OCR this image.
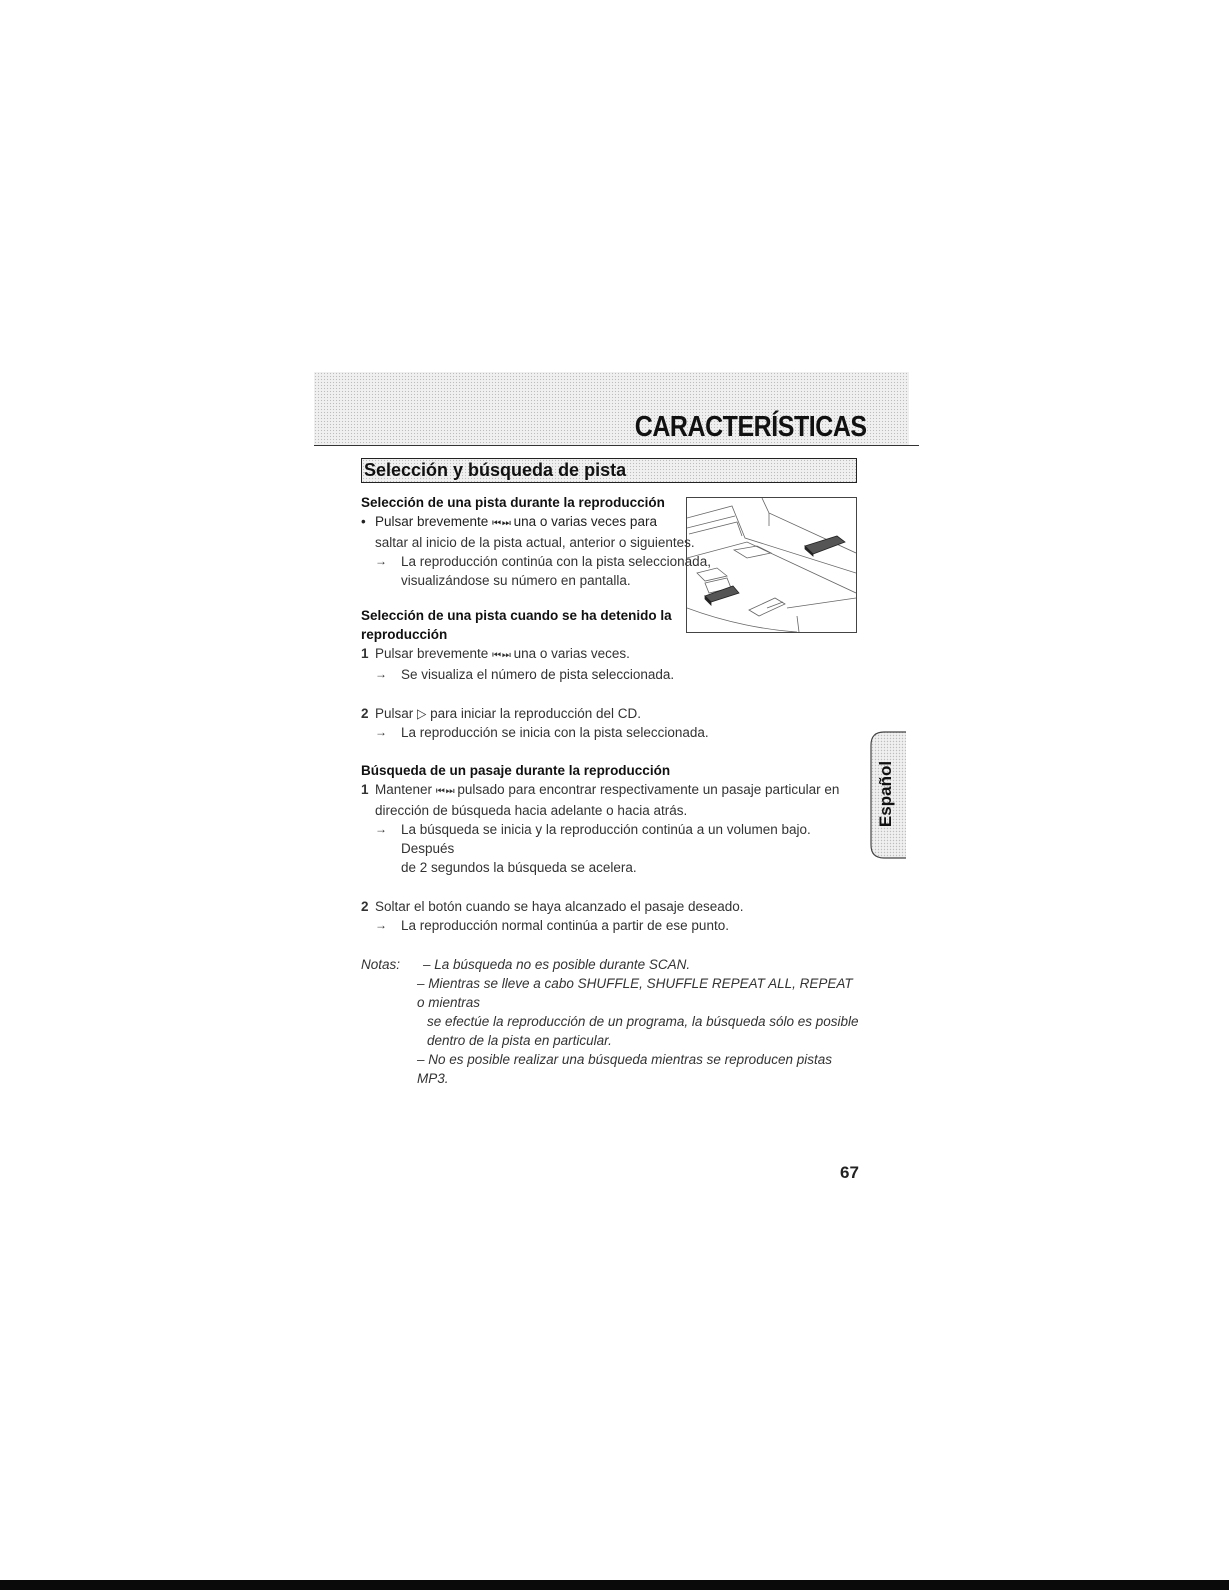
CARACTERÍSTICAS
Selección y búsqueda de pista

Selección de una pista durante la reproducción

• Pulsar brevemente ⏮ ⏭ una o varias veces para

saltar al inicio de la pista actual, anterior o siguientes.

→ La reproducción continúa con la pista seleccionada,

visualizándose su número en pantalla.

Selección de una pista cuando se ha detenido la

reproducción

1 Pulsar brevemente ⏮ ⏭ una o varias veces.
→ Se visualiza el número de pista seleccionada.
2 Pulsar ▷ para iniciar la reproducción del CD.
→ La reproducción se inicia con la pista seleccionada.

Búsqueda de un pasaje durante la reproducción

1 Mantener ⏮ ⏭ pulsado para encontrar respectivamente un pasaje particular en

dirección de búsqueda hacia adelante o hacia atrás.

→ La búsqueda se inicia y la reproducción continúa a un volumen bajo. Después

de 2 segundos la búsqueda se acelera.

2 Soltar el botón cuando se haya alcanzado el pasaje deseado.
→ La reproducción normal continúa a partir de ese punto.
Notas: – La búsqueda no es posible durante SCAN.

– Mientras se lleve a cabo SHUFFLE, SHUFFLE REPEAT ALL, REPEAT o mientras

se efectúe la reproducción de un programa, la búsqueda sólo es posible

dentro de la pista en particular.

– No es posible realizar una búsqueda mientras se reproducen pistas MP3.

Español

67
